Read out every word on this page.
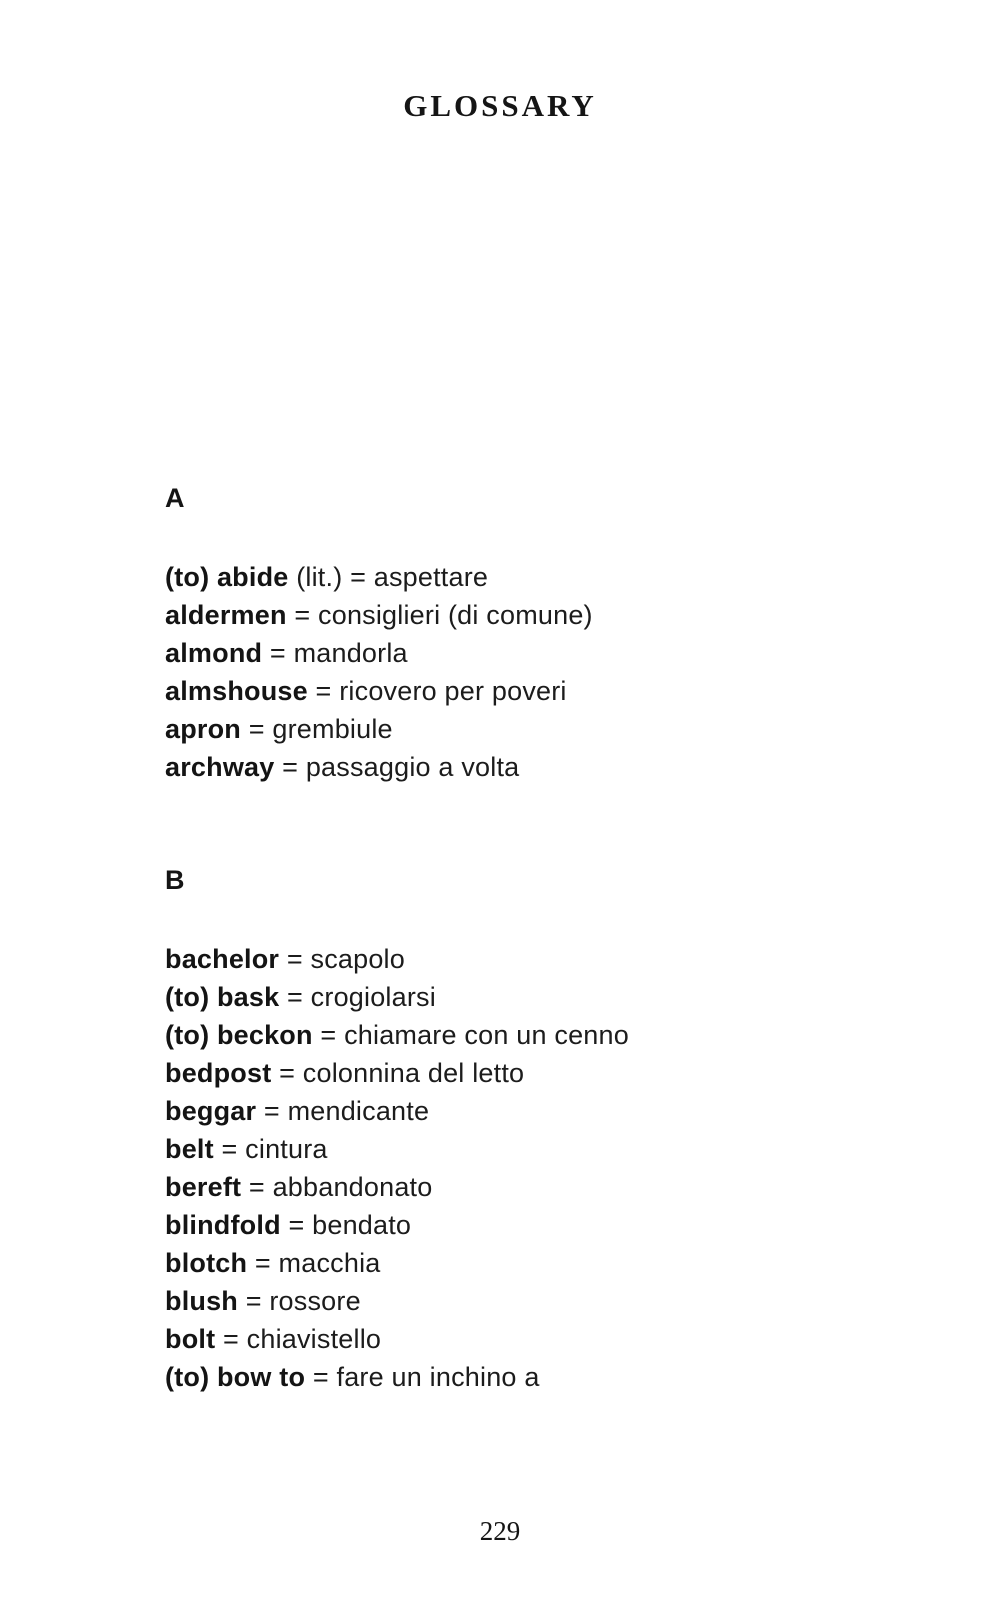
GLOSSARY
A

(to) abide (lit.) = aspettare

aldermen = consiglieri (di comune)

almond = mandorla

almshouse = ricovero per poveri

apron = grembiule

archway = passaggio a volta

B

bachelor = scapolo

(to) bask = crogiolarsi

(to) beckon = chiamare con un cenno

bedpost = colonnina del letto

beggar = mendicante

belt = cintura

bereft = abbandonato

blindfold = bendato

blotch = macchia

blush = rossore

bolt = chiavistello

(to) bow to = fare un inchino a

229
